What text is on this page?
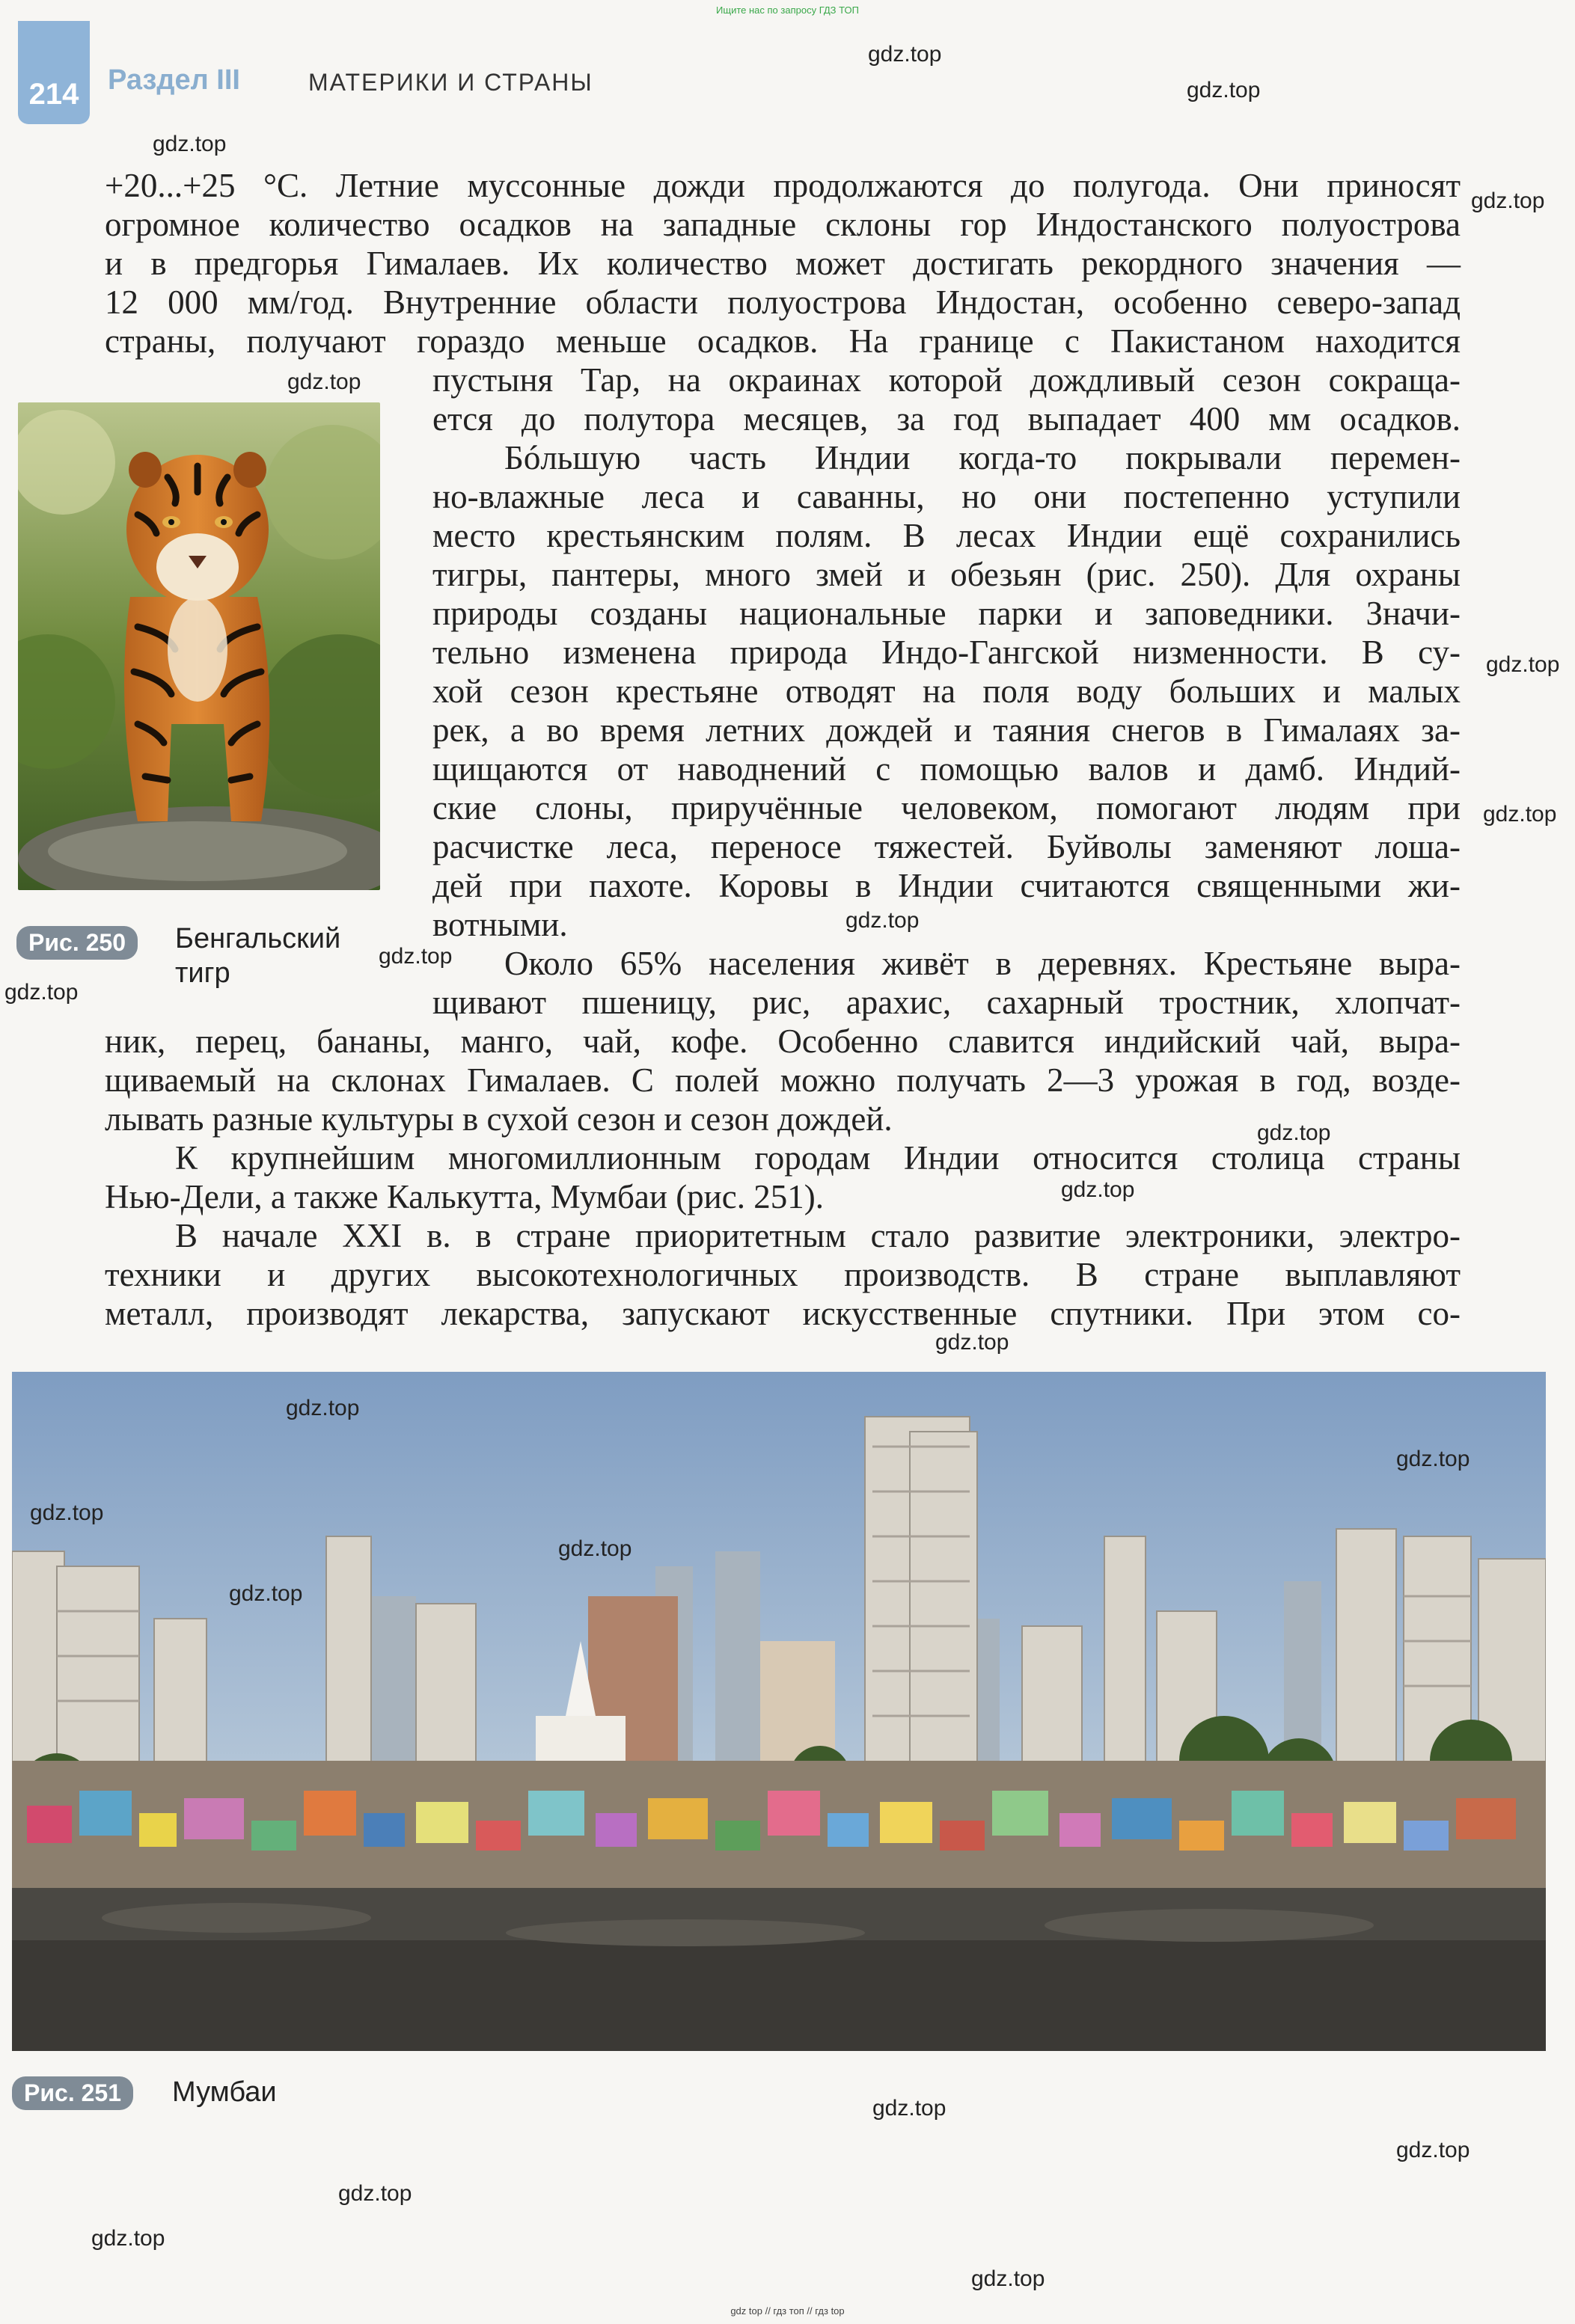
Ищите нас по запросу ГДЗ ТОП
214	Раздел III	МАТЕРИКИ И СТРАНЫ
+20...+25 °С. Летние муссонные дожди продолжаются до полугода. Они приносят
огромное количество осадков на западные склоны гор Индостанского полуострова
и в предгорья Гималаев. Их количество может достигать рекордного значения —
12 000 мм/год. Внутренние области полуострова Индостан, особенно северо-запад
страны, получают гораздо меньше осадков. На границе с Пакистаном находится
пустыня Тар, на окраинах которой дождливый сезон сокраща-
ется до полутора месяцев, за год выпадает 400 мм осадков.
Бóльшую часть Индии когда-то покрывали перемен-
но-влажные леса и саванны, но они постепенно уступили
место крестьянским полям. В лесах Индии ещё сохранились
тигры, пантеры, много змей и обезьян (рис. 250). Для охраны
природы созданы национальные парки и заповедники. Значи-
тельно изменена природа Индо-Гангской низменности. В су-
хой сезон крестьяне отводят на поля воду больших и малых
рек, а во время летних дождей и таяния снегов в Гималаях за-
щищаются от наводнений с помощью валов и дамб. Индий-
ские слоны, приручённые человеком, помогают людям при
расчистке леса, переносе тяжестей. Буйволы заменяют лоша-
дей при пахоте. Коровы в Индии считаются священными жи-
вотными.
Около 65% населения живёт в деревнях. Крестьяне выра-
щивают пшеницу, рис, арахис, сахарный тростник, хлопчат-
ник, перец, бананы, манго, чай, кофе. Особенно славится индийский чай, выра-
щиваемый на склонах Гималаев. С полей можно получать 2—3 урожая в год, возде-
лывать разные культуры в сухой сезон и сезон дождей.
К крупнейшим многомиллионным городам Индии относится столица страны
Нью-Дели, а также Калькутта, Мумбаи (рис. 251).
В начале XXI в. в стране приоритетным стало развитие электроники, электро-
техники и других высокотехнологичных производств. В стране выплавляют
металл, производят лекарства, запускают искусственные спутники. При этом со-
Рис. 250	Бенгальский
тигр
Рис. 251	Мумбаи
gdz.top
gdz.top
gdz.top
gdz.top
gdz.top
gdz.top
gdz.top
gdz.top
gdz.top
gdz.top
gdz.top
gdz.top
gdz.top
gdz.top
gdz.top
gdz.top
gdz.top
gdz.top
gdz.top
gdz.top
gdz.top
gdz.top
gdz.top
gdz top // гдз топ // гдз top
